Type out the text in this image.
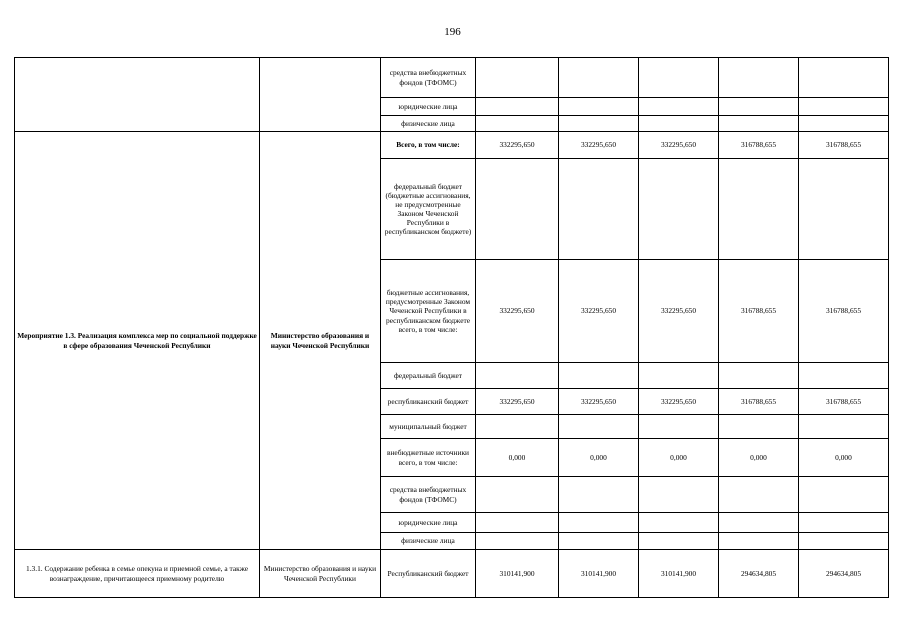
196
		средства внебюджетных фондов (ТФОМС)					
		юридические лица					
		физические лица					
Мероприятие 1.3. Реализация комплекса мер по социальной поддержке в сфере образования Чеченской Республики	Министерство образования и науки Чеченской Республики	Всего, в том числе:	332295,650	332295,650	332295,650	316788,655	316788,655
		федеральный бюджет (бюджетные ассигнования, не предусмотренные Законом Чеченской Республики в республиканском бюджете)					
		бюджетные ассигнования, предусмотренные Законом Чеченской Республики в республиканском бюджете всего, в том числе:	332295,650	332295,650	332295,650	316788,655	316788,655
		федеральный бюджет					
		республиканский бюджет	332295,650	332295,650	332295,650	316788,655	316788,655
		муниципальный бюджет					
		внебюджетные источники всего, в том числе:	0,000	0,000	0,000	0,000	0,000
		средства внебюджетных фондов (ТФОМС)					
		юридические лица					
		физические лица					
1.3.1. Содержание ребенка в семье опекуна и приемной семье, а также вознаграждение, причитающееся приемному родителю	Министерство образования и науки Чеченской Республики	Республиканский бюджет	310141,900	310141,900	310141,900	294634,805	294634,805
